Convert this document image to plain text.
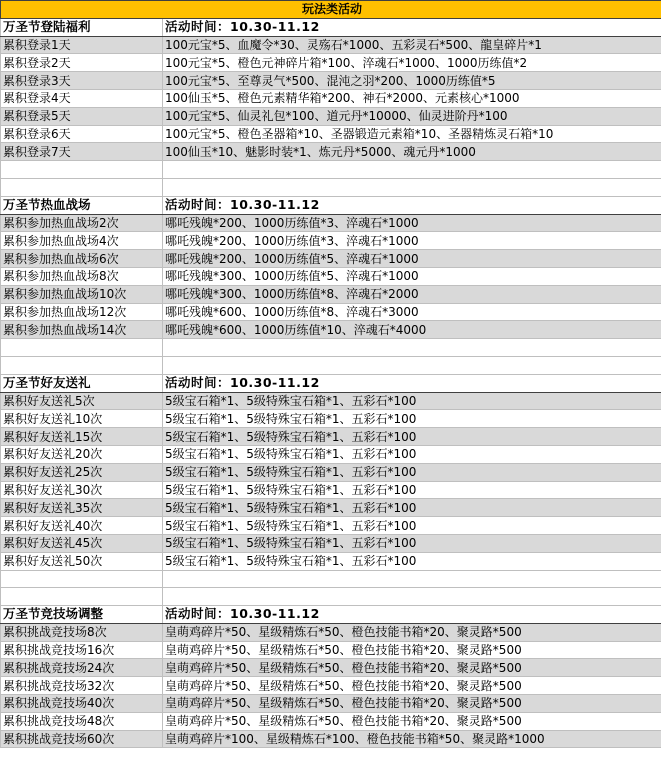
玩法类活动	
万圣节登陆福利	活动时间：10.30-11.12
累积登录1天	100元宝*5、血魔令*30、灵殇石*1000、五彩灵石*500、龍皇碎片*1
累积登录2天	100元宝*5、橙色元神碎片箱*100、淬魂石*1000、1000历练值*2
累积登录3天	100元宝*5、至尊灵气*500、混沌之羽*200、1000历练值*5
累积登录4天	100仙玉*5、橙色元素精华箱*200、神石*2000、元素核心*1000
累积登录5天	100元宝*5、仙灵礼包*100、道元丹*10000、仙灵进阶丹*100
累积登录6天	100元宝*5、橙色圣器箱*10、圣器锻造元素箱*10、圣器精炼灵石箱*10
累积登录7天	100仙玉*10、魅影时装*1、炼元丹*5000、魂元丹*1000

万圣节热血战场	活动时间：10.30-11.12
累积参加热血战场2次	哪吒残魄*200、1000历练值*3、淬魂石*1000
累积参加热血战场4次	哪吒残魄*200、1000历练值*3、淬魂石*1000
累积参加热血战场6次	哪吒残魄*200、1000历练值*5、淬魂石*1000
累积参加热血战场8次	哪吒残魄*300、1000历练值*5、淬魂石*1000
累积参加热血战场10次	哪吒残魄*300、1000历练值*8、淬魂石*2000
累积参加热血战场12次	哪吒残魄*600、1000历练值*8、淬魂石*3000
累积参加热血战场14次	哪吒残魄*600、1000历练值*10、淬魂石*4000

万圣节好友送礼	活动时间：10.30-11.12
累积好友送礼5次	5级宝石箱*1、5级特殊宝石箱*1、五彩石*100
累积好友送礼10次	5级宝石箱*1、5级特殊宝石箱*1、五彩石*100
累积好友送礼15次	5级宝石箱*1、5级特殊宝石箱*1、五彩石*100
累积好友送礼20次	5级宝石箱*1、5级特殊宝石箱*1、五彩石*100
累积好友送礼25次	5级宝石箱*1、5级特殊宝石箱*1、五彩石*100
累积好友送礼30次	5级宝石箱*1、5级特殊宝石箱*1、五彩石*100
累积好友送礼35次	5级宝石箱*1、5级特殊宝石箱*1、五彩石*100
累积好友送礼40次	5级宝石箱*1、5级特殊宝石箱*1、五彩石*100
累积好友送礼45次	5级宝石箱*1、5级特殊宝石箱*1、五彩石*100
累积好友送礼50次	5级宝石箱*1、5级特殊宝石箱*1、五彩石*100

万圣节竞技场调整	活动时间：10.30-11.12
累积挑战竞技场8次	皇萌鸡碎片*50、星级精炼石*50、橙色技能书箱*20、聚灵路*500
累积挑战竞技场16次	皇萌鸡碎片*50、星级精炼石*50、橙色技能书箱*20、聚灵路*500
累积挑战竞技场24次	皇萌鸡碎片*50、星级精炼石*50、橙色技能书箱*20、聚灵路*500
累积挑战竞技场32次	皇萌鸡碎片*50、星级精炼石*50、橙色技能书箱*20、聚灵路*500
累积挑战竞技场40次	皇萌鸡碎片*50、星级精炼石*50、橙色技能书箱*20、聚灵路*500
累积挑战竞技场48次	皇萌鸡碎片*50、星级精炼石*50、橙色技能书箱*20、聚灵路*500
累积挑战竞技场60次	皇萌鸡碎片*100、星级精炼石*100、橙色技能书箱*50、聚灵路*1000
